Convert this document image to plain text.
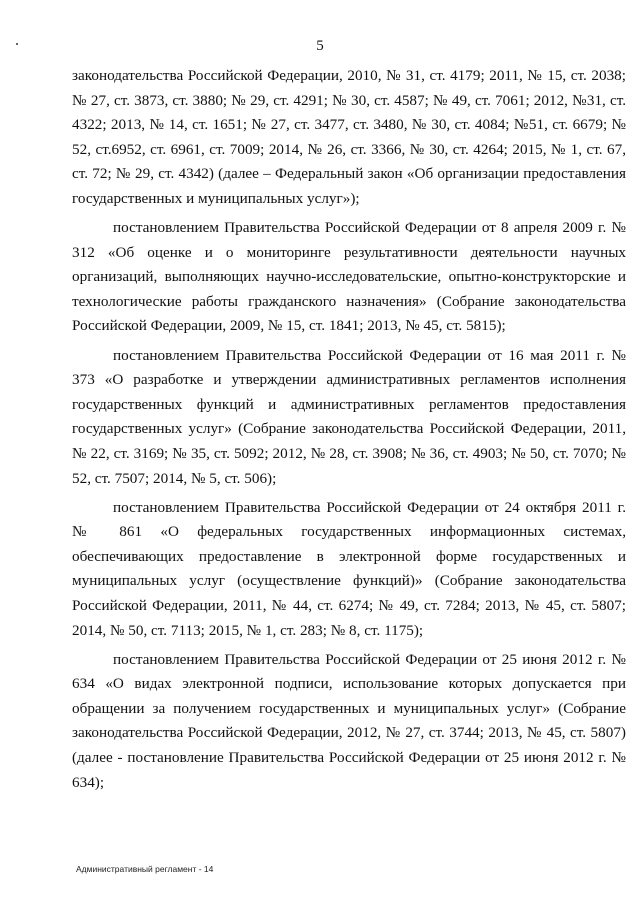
5

законодательства Российской Федерации, 2010, № 31, ст. 4179; 2011, № 15, ст. 2038; № 27, ст. 3873, ст. 3880; № 29, ст. 4291; № 30, ст. 4587; № 49, ст. 7061; 2012, №31, ст. 4322; 2013, № 14, ст. 1651; № 27, ст. 3477, ст. 3480, № 30, ст. 4084; №51, ст. 6679; № 52, ст.6952, ст. 6961, ст. 7009; 2014, № 26, ст. 3366, № 30, ст. 4264; 2015, № 1, ст. 67, ст. 72; № 29, ст. 4342) (далее – Федеральный закон «Об организации предоставления государственных и муниципальных услуг»);

постановлением Правительства Российской Федерации от 8 апреля 2009 г. № 312 «Об оценке и о мониторинге результативности деятельности научных организаций, выполняющих научно-исследовательские, опытно-конструкторские и технологические работы гражданского назначения» (Собрание законодательства Российской Федерации, 2009, № 15, ст. 1841; 2013, № 45, ст. 5815);

постановлением Правительства Российской Федерации от 16 мая 2011 г. № 373 «О разработке и утверждении административных регламентов исполнения государственных функций и административных регламентов предоставления государственных услуг» (Собрание законодательства Российской Федерации, 2011, № 22, ст. 3169; № 35, ст. 5092; 2012, № 28, ст. 3908; № 36, ст. 4903; № 50, ст. 7070; № 52, ст. 7507; 2014, № 5, ст. 506);

постановлением Правительства Российской Федерации от 24 октября 2011 г. № 861 «О федеральных государственных информационных системах, обеспечивающих предоставление в электронной форме государственных и муниципальных услуг (осуществление функций)» (Собрание законодательства Российской Федерации, 2011, № 44, ст. 6274; № 49, ст. 7284; 2013, № 45, ст. 5807; 2014, № 50, ст. 7113; 2015, № 1, ст. 283; № 8, ст. 1175);

постановлением Правительства Российской Федерации от 25 июня 2012 г. № 634 «О видах электронной подписи, использование которых допускается при обращении за получением государственных и муниципальных услуг» (Собрание законодательства Российской Федерации, 2012, № 27, ст. 3744; 2013, № 45, ст. 5807) (далее - постановление Правительства Российской Федерации от 25 июня 2012 г. № 634);

Административный регламент - 14
